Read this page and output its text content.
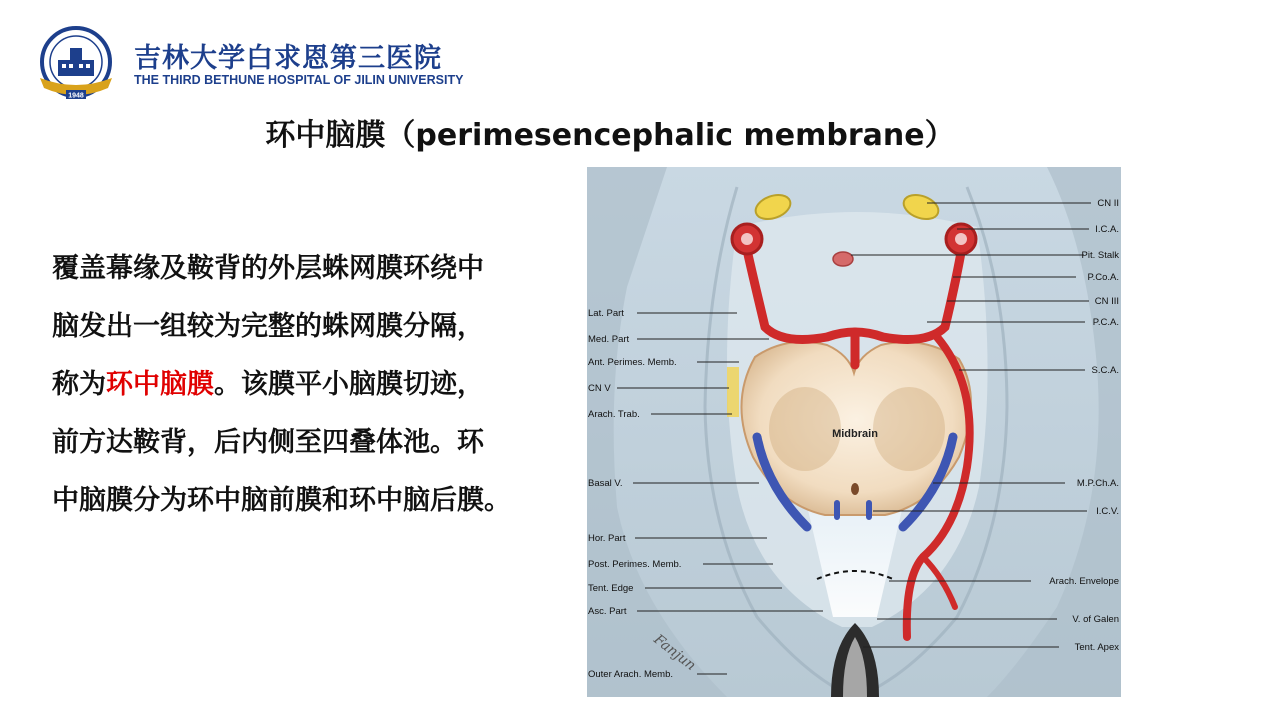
1948
吉林大学白求恩第三医院
THE THIRD BETHUNE HOSPITAL OF JILIN UNIVERSITY
环中脑膜（perimesencephalic membrane）
覆盖幕缘及鞍背的外层蛛网膜环绕中
脑发出一组较为完整的蛛网膜分隔，
称为环中脑膜。该膜平小脑膜切迹，
前方达鞍背，后内侧至四叠体池。环
中脑膜分为环中脑前膜和环中脑后膜。
Midbrain
Lat. Part
Med. Part
Ant. Perimes. Memb.
CN V
Arach. Trab.
Basal V.
Hor. Part
Post. Perimes. Memb.
Tent. Edge
Asc. Part
Outer Arach. Memb.
CN II
I.C.A.
Pit. Stalk
P.Co.A.
CN III
P.C.A.
S.C.A.
M.P.Ch.A.
I.C.V.
Arach. Envelope
V. of Galen
Tent. Apex
Fanjun
